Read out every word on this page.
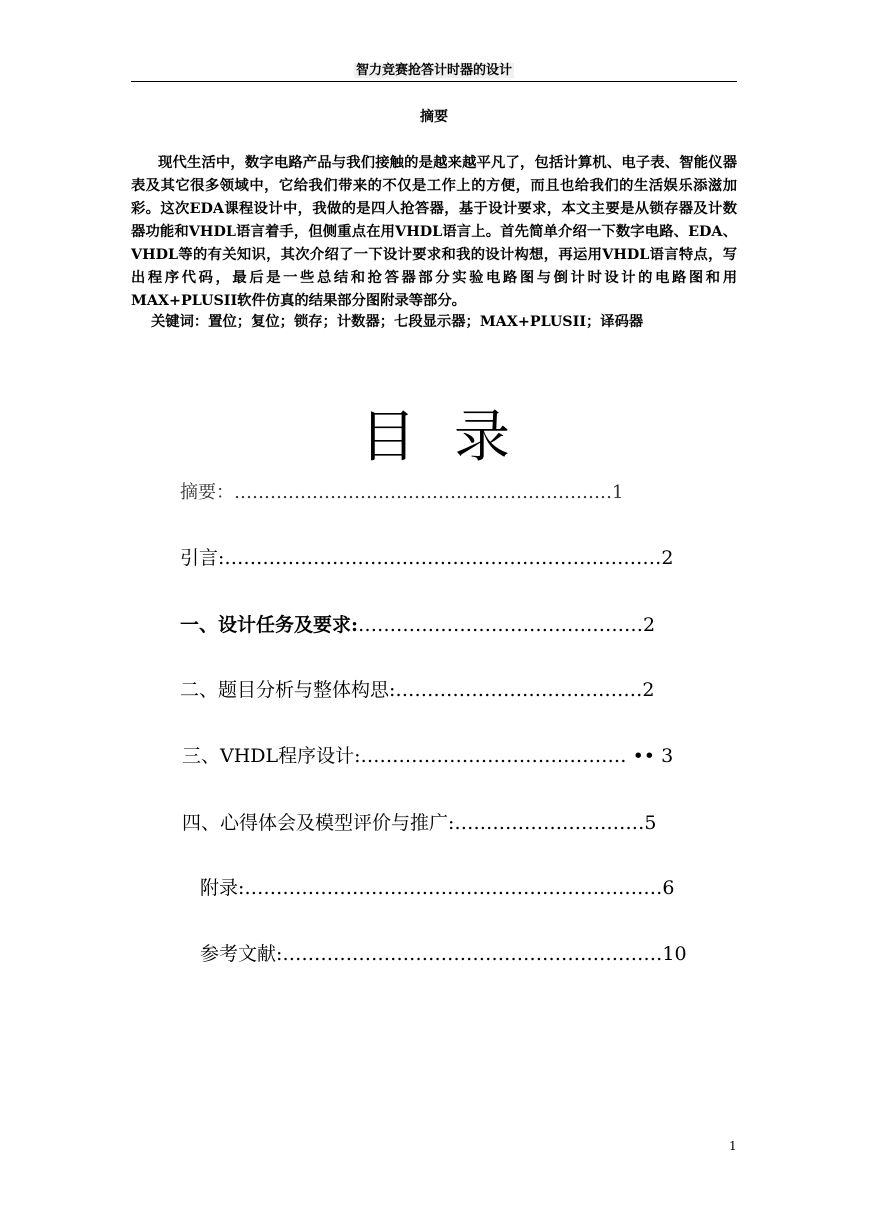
智力竞赛抢答计时器的设计
摘要

现代生活中，数字电路产品与我们接触的是越来越平凡了，包括计算机、电子表、智能仪器表及其它很多领域中，它给我们带来的不仅是工作上的方便，而且也给我们的生活娱乐添滋加彩。这次EDA课程设计中，我做的是四人抢答器，基于设计要求，本文主要是从锁存器及计数器功能和VHDL语言着手，但侧重点在用VHDL语言上。首先简单介绍一下数字电路、EDA、VHDL等的有关知识，其次介绍了一下设计要求和我的设计构想，再运用VHDL语言特点，写出程序代码，最后是一些总结和抢答器部分实验电路图与倒计时设计的电路图和用MAX+PLUSII软件仿真的结果部分图附录等部分。

关键词：置位；复位；锁存；计数器；七段显示器；MAX+PLUSII；译码器
目录
摘要：………………………………………………………1
引言:……………………………………………………………2
一、设计任务及要求:………………………………………2
二、题目分析与整体构思:…………………………………2
三、VHDL程序设计:…………………………………… •• 3
四、心得体会及模型评价与推广:…………………………5
附录:…………………………………………………………6
参考文献:……………………………………………………10
1
